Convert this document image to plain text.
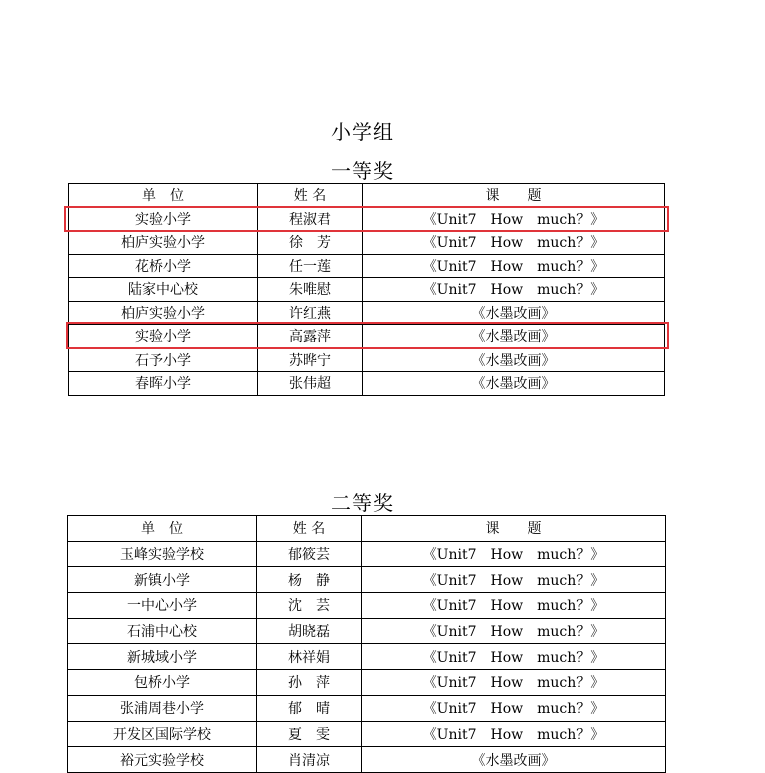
小学组
一等奖
单　位	姓 名	课　　题
实验小学	程淑君	《Unit7　How　much？》
柏庐实验小学	徐　芳	《Unit7　How　much？》
花桥小学	任一莲	《Unit7　How　much？》
陆家中心校	朱唯慰	《Unit7　How　much？》
柏庐实验小学	许红燕	《水墨改画》
实验小学	高露萍	《水墨改画》
石予小学	苏晔宁	《水墨改画》
春晖小学	张伟超	《水墨改画》
二等奖
单　位	姓 名	课　　题
玉峰实验学校	郁筱芸	《Unit7　How　much？》
新镇小学	杨　静	《Unit7　How　much？》
一中心小学	沈　芸	《Unit7　How　much？》
石浦中心校	胡晓磊	《Unit7　How　much？》
新城域小学	林祥娟	《Unit7　How　much？》
包桥小学	孙　萍	《Unit7　How　much？》
张浦周巷小学	郁　晴	《Unit7　How　much？》
开发区国际学校	夏　雯	《Unit7　How　much？》
裕元实验学校	肖清凉	《水墨改画》
